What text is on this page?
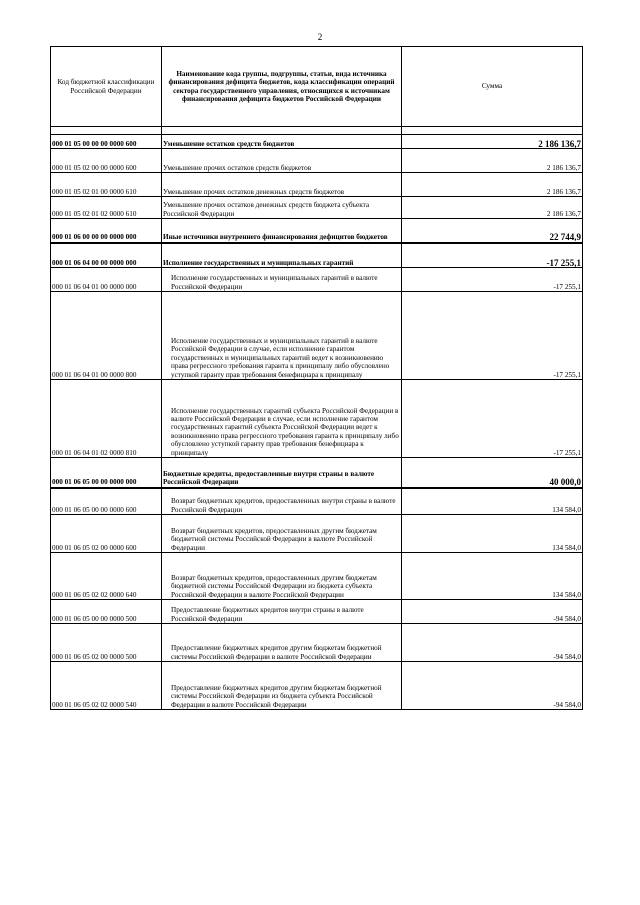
2
Код бюджетной классификации Российской Федерации	Наименование кода группы, подгруппы, статьи, вида источника финансирования дефицита бюджетов, кода классификации операций сектора государственного управления, относящихся к источникам финансирования дефицита бюджетов Российской Федерации	Сумма

000 01 05 00 00 00 0000 600	Уменьшение остатков средств бюджетов	2 186 136,7
000 01 05 02 00 00 0000 600	Уменьшение прочих остатков средств бюджетов	2 186 136,7
000 01 05 02 01 00 0000 610	Уменьшение прочих остатков денежных средств бюджетов	2 186 136,7
000 01 05 02 01 02 0000 610	Уменьшение прочих остатков денежных средств бюджета субъекта Российской Федерации	2 186 136,7
000 01 06 00 00 00 0000 000	Иные источники внутреннего финансирования дефицитов бюджетов	22 744,9
000 01 06 04 00 00 0000 000	Исполнение государственных и муниципальных гарантий	-17 255,1
000 01 06 04 01 00 0000 000	Исполнение государственных и муниципальных гарантий в валюте Российской Федерации	-17 255,1
000 01 06 04 01 00 0000 800	Исполнение государственных и муниципальных гарантий в валюте Российской Федерации в случае, если исполнение гарантом государственных и муниципальных гарантий ведет к возникновению права регрессного требования гаранта к принципалу либо обусловлено уступкой гаранту прав требования бенефициара к принципалу	-17 255,1
000 01 06 04 01 02 0000 810	Исполнение государственных гарантий субъекта Российской Федерации в валюте Российской Федерации в случае, если исполнение гарантом государственных гарантий субъекта Российской Федерации ведет к возникновению права регрессного требования гаранта к принципалу либо обусловлено уступкой гаранту прав требования бенефициара к принципалу	-17 255,1
000 01 06 05 00 00 0000 000	Бюджетные кредиты, предоставленные внутри страны в валюте Российской Федерации	40 000,0
000 01 06 05 00 00 0000 600	Возврат бюджетных кредитов, предоставленных внутри страны в валюте Российской Федерации	134 584,0
000 01 06 05 02 00 0000 600	Возврат бюджетных кредитов, предоставленных другим бюджетам бюджетной системы Российской Федерации в валюте Российской Федерации	134 584,0
000 01 06 05 02 02 0000 640	Возврат бюджетных кредитов, предоставленных другим бюджетам бюджетной системы Российской Федерации из бюджета субъекта Российской Федерации в валюте Российской Федерации	134 584,0
000 01 06 05 00 00 0000 500	Предоставление бюджетных кредитов внутри страны в валюте Российской Федерации	-94 584,0
000 01 06 05 02 00 0000 500	Предоставление бюджетных кредитов другим бюджетам бюджетной системы Российской Федерации в валюте Российской Федерации	-94 584,0
000 01 06 05 02 02 0000 540	Предоставление бюджетных кредитов другим бюджетам бюджетной системы Российской Федерации из бюджета субъекта Российской Федерации в валюте Российской Федерации	-94 584,0
